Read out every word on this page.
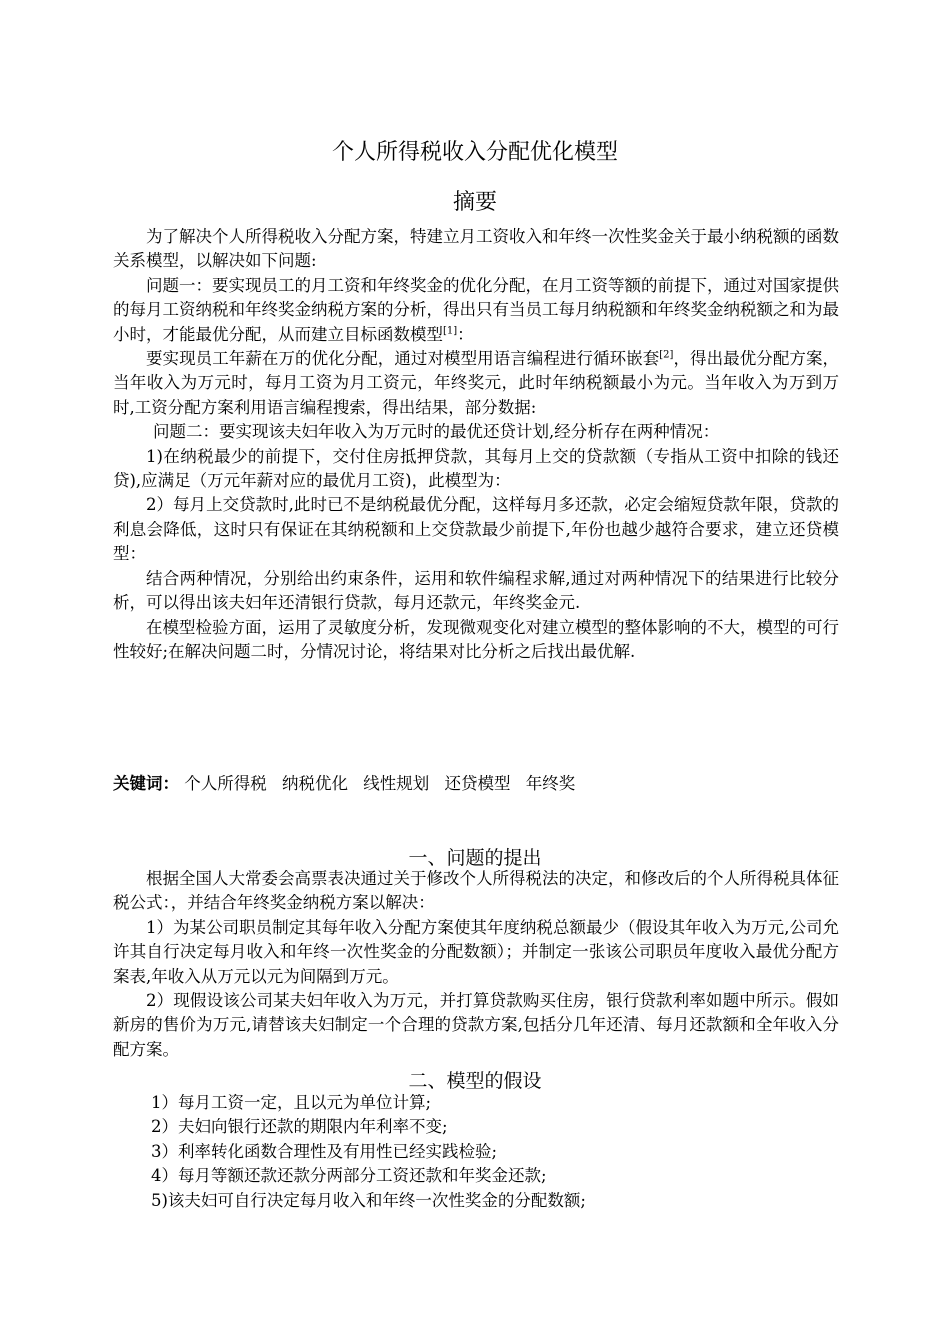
个人所得税收入分配优化模型
摘要

为了解决个人所得税收入分配方案，特建立月工资收入和年终一次性奖金关于最小纳税额的函数关系模型，以解决如下问题:

问题一：要实现员工的月工资和年终奖金的优化分配，在月工资等额的前提下，通过对国家提供的每月工资纳税和年终奖金纳税方案的分析，得出只有当员工每月纳税额和年终奖金纳税额之和为最小时，才能最优分配，从而建立目标函数模型[1]：

要实现员工年薪在万的优化分配，通过对模型用语言编程进行循环嵌套[2]，得出最优分配方案，当年收入为万元时，每月工资为月工资元，年终奖元，此时年纳税额最小为元。当年收入为万到万时,工资分配方案利用语言编程搜索，得出结果，部分数据:

问题二：要实现该夫妇年收入为万元时的最优还贷计划,经分析存在两种情况：

1)在纳税最少的前提下，交付住房抵押贷款，其每月上交的贷款额（专指从工资中扣除的钱还贷),应满足（万元年薪对应的最优月工资)，此模型为：

2）每月上交贷款时,此时已不是纳税最优分配，这样每月多还款，必定会缩短贷款年限，贷款的利息会降低，这时只有保证在其纳税额和上交贷款最少前提下,年份也越少越符合要求，建立还贷模型：

结合两种情况，分别给出约束条件，运用和软件编程求解,通过对两种情况下的结果进行比较分析，可以得出该夫妇年还清银行贷款，每月还款元，年终奖金元.

在模型检验方面，运用了灵敏度分析，发现微观变化对建立模型的整体影响的不大，模型的可行性较好;在解决问题二时，分情况讨论，将结果对比分析之后找出最优解.

关键词： 个人所得税 纳税优化 线性规划 还贷模型 年终奖
一、问题的提出

根据全国人大常委会高票表决通过关于修改个人所得税法的决定，和修改后的个人所得税具体征税公式：，并结合年终奖金纳税方案以解决：

1）为某公司职员制定其每年收入分配方案使其年度纳税总额最少（假设其年收入为万元,公司允许其自行决定每月收入和年终一次性奖金的分配数额）；并制定一张该公司职员年度收入最优分配方案表,年收入从万元以元为间隔到万元。

2）现假设该公司某夫妇年收入为万元，并打算贷款购买住房，银行贷款利率如题中所示。假如新房的售价为万元,请替该夫妇制定一个合理的贷款方案,包括分几年还清、每月还款额和全年收入分配方案。

二、模型的假设

1）每月工资一定，且以元为单位计算;

2）夫妇向银行还款的期限内年利率不变;

3）利率转化函数合理性及有用性已经实践检验;

4）每月等额还款还款分两部分工资还款和年奖金还款;

5)该夫妇可自行决定每月收入和年终一次性奖金的分配数额;
